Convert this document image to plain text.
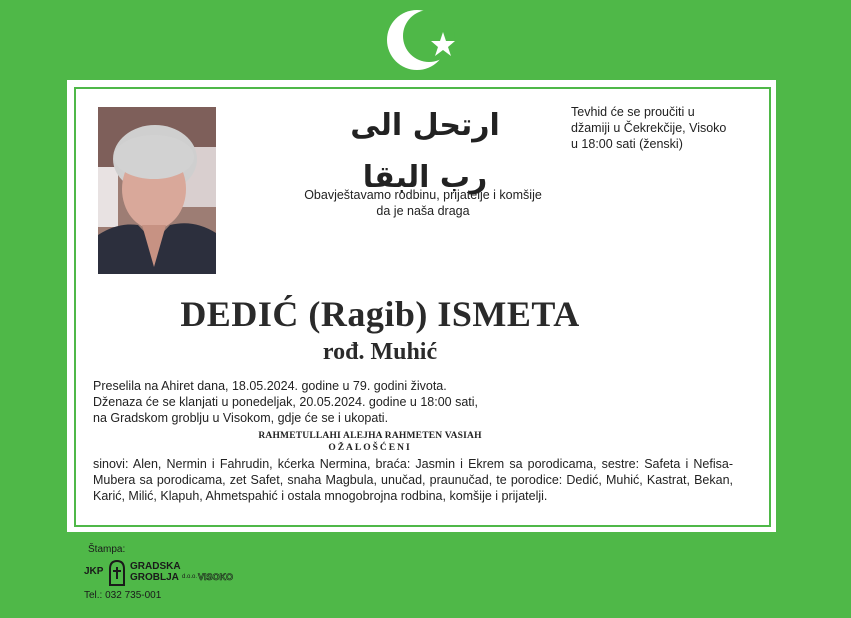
ارتحل الى رب البقا
Tevhid će se proučiti u
džamiji u Čekrekčije, Visoko
u 18:00 sati (ženski)
Obavještavamo rodbinu, prijatelje i komšije
da je naša draga
DEDIĆ (Ragib) ISMETA
rođ. Muhić
Preselila na Ahiret dana, 18.05.2024. godine u 79. godini života.
Dženaza će se klanjati u ponedeljak, 20.05.2024. godine u 18:00 sati,
na Gradskom groblju u Visokom, gdje će se i ukopati.
RAHMETULLAHI ALEJHA RAHMETEN VASIAH
OŽALOŠĆENI
sinovi: Alen, Nermin i Fahrudin, kćerka Nermina, braća: Jasmin i Ekrem sa porodicama, sestre: Safeta i Nefisa-Mubera sa porodicama, zet Safet, snaha Magbula, unučad, praunučad, te porodice: Dedić, Muhić, Kastrat, Bekan, Karić, Milić, Klapuh, Ahmetspahić i ostala mnogobrojna rodbina, komšije i prijatelji.
Štampa:
JKP	GRADSKA
GROBLJA d.o.o. VISOKO
Tel.: 032 735-001
